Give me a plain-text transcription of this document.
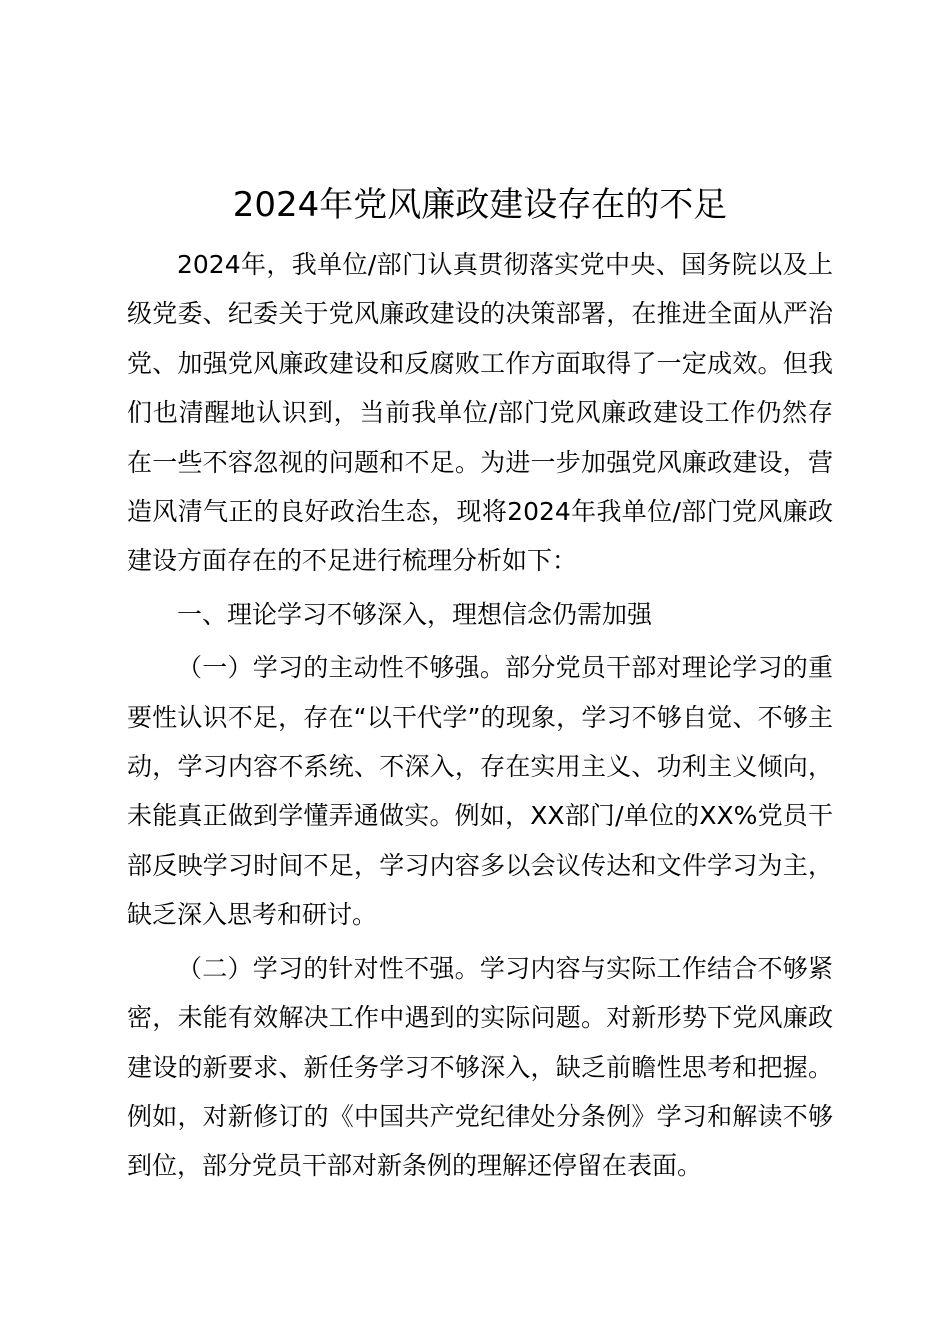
2024年党风廉政建设存在的不足

2024年，我单位/部门认真贯彻落实党中央、国务院以及上级党委、纪委关于党风廉政建设的决策部署，在推进全面从严治党、加强党风廉政建设和反腐败工作方面取得了一定成效。但我们也清醒地认识到，当前我单位/部门党风廉政建设工作仍然存在一些不容忽视的问题和不足。为进一步加强党风廉政建设，营造风清气正的良好政治生态，现将2024年我单位/部门党风廉政建设方面存在的不足进行梳理分析如下：

一、理论学习不够深入，理想信念仍需加强

（一）学习的主动性不够强。部分党员干部对理论学习的重要性认识不足，存在“以干代学”的现象，学习不够自觉、不够主动，学习内容不系统、不深入，存在实用主义、功利主义倾向，未能真正做到学懂弄通做实。例如，XX部门/单位的XX%党员干部反映学习时间不足，学习内容多以会议传达和文件学习为主，缺乏深入思考和研讨。

（二）学习的针对性不强。学习内容与实际工作结合不够紧密，未能有效解决工作中遇到的实际问题。对新形势下党风廉政建设的新要求、新任务学习不够深入，缺乏前瞻性思考和把握。例如，对新修订的《中国共产党纪律处分条例》学习和解读不够到位，部分党员干部对新条例的理解还停留在表面。
